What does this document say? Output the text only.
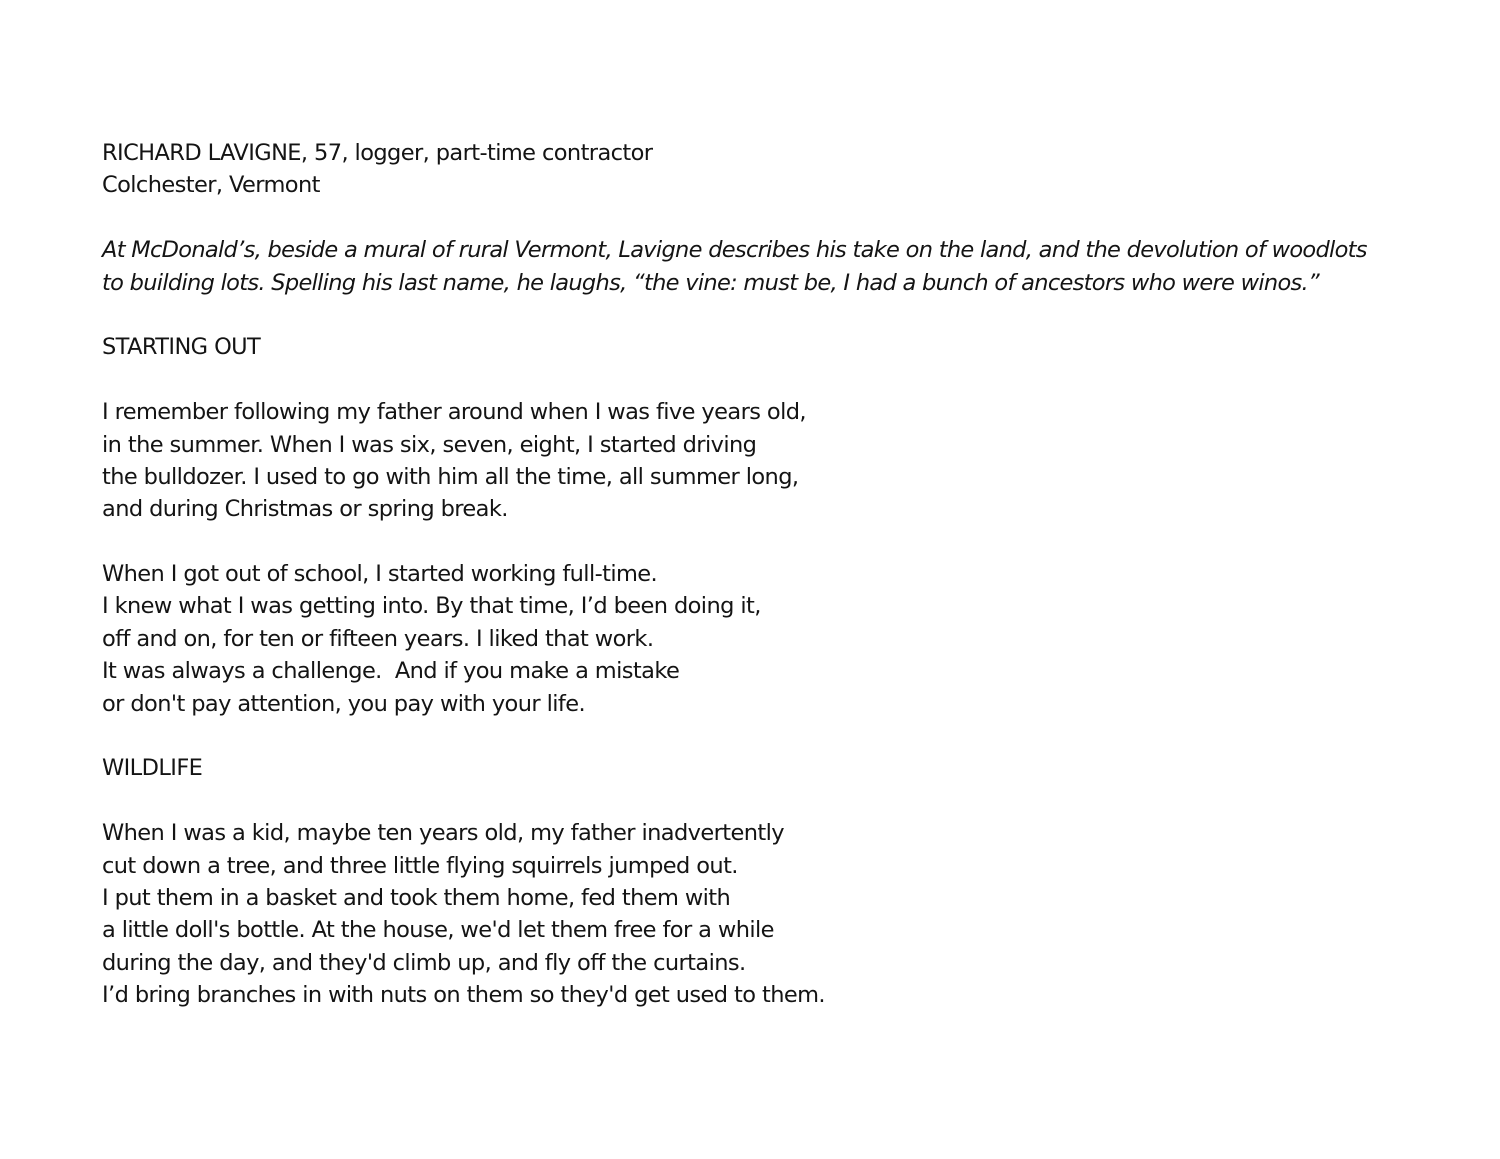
RICHARD LAVIGNE, 57, logger, part-time contractor
Colchester, Vermont
At McDonald’s, beside a mural of rural Vermont, Lavigne describes his take on the land, and the devolution of woodlots
to building lots. Spelling his last name, he laughs, “the vine: must be, I had a bunch of ancestors who were winos.”
STARTING OUT
I remember following my father around when I was five years old,
in the summer. When I was six, seven, eight, I started driving
the bulldozer. I used to go with him all the time, all summer long,
and during Christmas or spring break.
When I got out of school, I started working full-time.
I knew what I was getting into. By that time, I’d been doing it,
off and on, for ten or fifteen years. I liked that work.
It was always a challenge.  And if you make a mistake
or don't pay attention, you pay with your life.
WILDLIFE
When I was a kid, maybe ten years old, my father inadvertently
cut down a tree, and three little flying squirrels jumped out.
I put them in a basket and took them home, fed them with
a little doll's bottle. At the house, we'd let them free for a while
during the day, and they'd climb up, and fly off the curtains.
I’d bring branches in with nuts on them so they'd get used to them.
